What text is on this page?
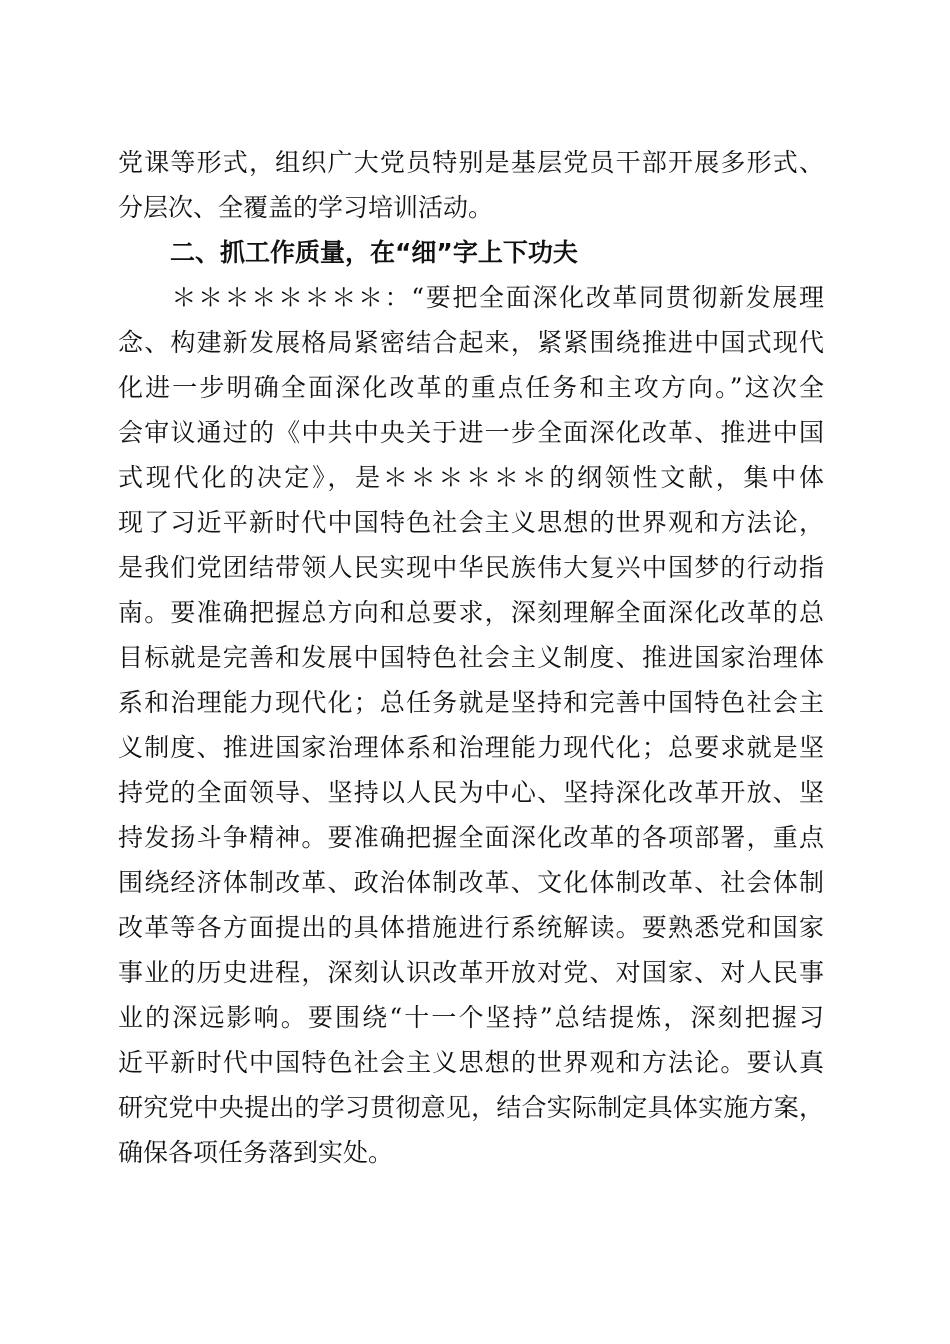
党课等形式，组织广大党员特别是基层党员干部开展多形式、
分层次、全覆盖的学习培训活动。
二、抓工作质量，在“细”字上下功夫
　　＊＊＊＊＊＊＊＊：“要把全面深化改革同贯彻新发展理
念、构建新发展格局紧密结合起来，紧紧围绕推进中国式现代
化进一步明确全面深化改革的重点任务和主攻方向。”这次全
会审议通过的《中共中央关于进一步全面深化改革、推进中国
式现代化的决定》，是＊＊＊＊＊＊的纲领性文献，集中体
现了习近平新时代中国特色社会主义思想的世界观和方法论，
是我们党团结带领人民实现中华民族伟大复兴中国梦的行动指
南。要准确把握总方向和总要求，深刻理解全面深化改革的总
目标就是完善和发展中国特色社会主义制度、推进国家治理体
系和治理能力现代化；总任务就是坚持和完善中国特色社会主
义制度、推进国家治理体系和治理能力现代化；总要求就是坚
持党的全面领导、坚持以人民为中心、坚持深化改革开放、坚
持发扬斗争精神。要准确把握全面深化改革的各项部署，重点
围绕经济体制改革、政治体制改革、文化体制改革、社会体制
改革等各方面提出的具体措施进行系统解读。要熟悉党和国家
事业的历史进程，深刻认识改革开放对党、对国家、对人民事
业的深远影响。要围绕“十一个坚持”总结提炼，深刻把握习
近平新时代中国特色社会主义思想的世界观和方法论。要认真
研究党中央提出的学习贯彻意见，结合实际制定具体实施方案，
确保各项任务落到实处。
